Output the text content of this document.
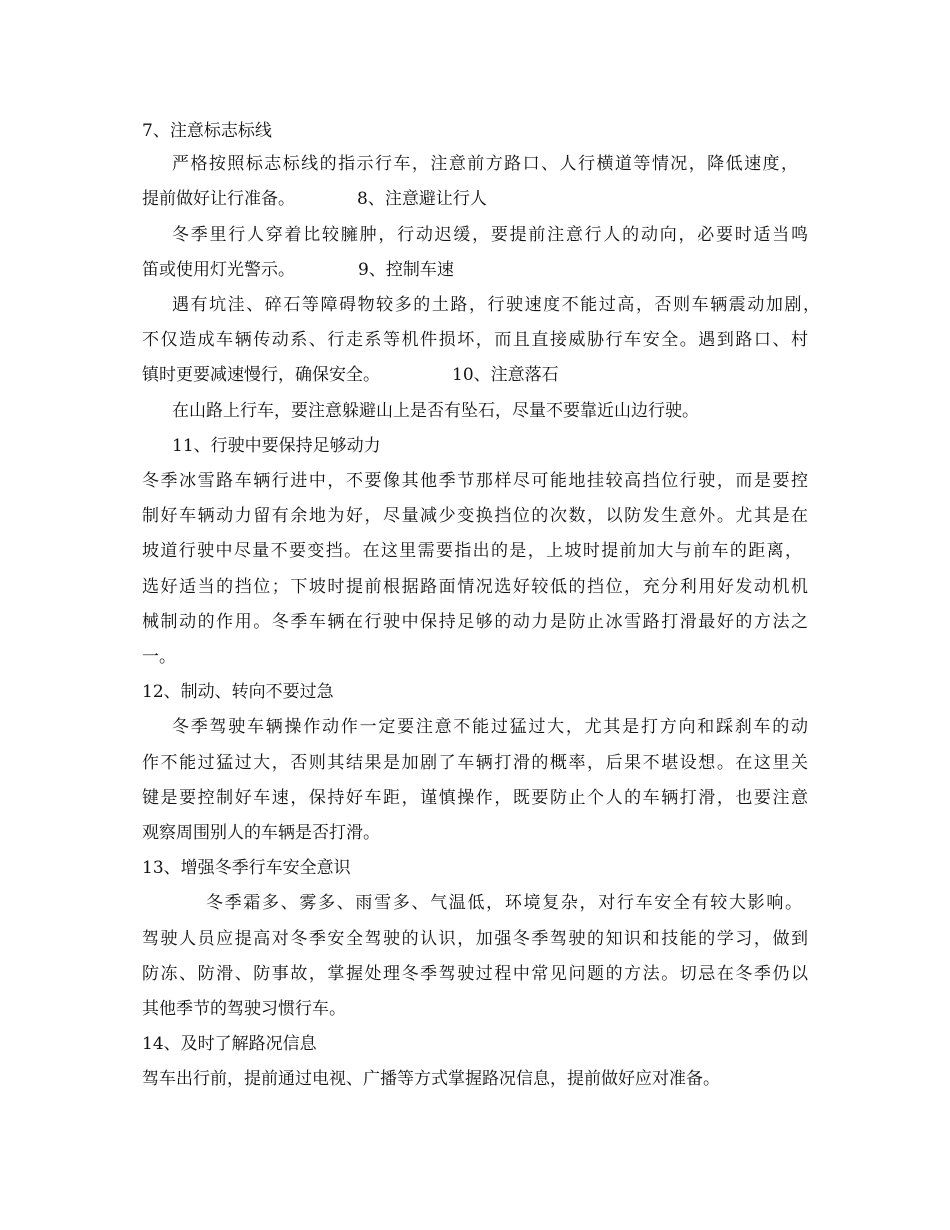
7、注意标志标线
严格按照标志标线的指示行车，注意前方路口、人行横道等情况，降低速度，
提前做好让行准备。	8、注意避让行人
冬季里行人穿着比较臃肿，行动迟缓，要提前注意行人的动向，必要时适当鸣
笛或使用灯光警示。	9、控制车速
遇有坑洼、碎石等障碍物较多的土路，行驶速度不能过高，否则车辆震动加剧，
不仅造成车辆传动系、行走系等机件损坏，而且直接威胁行车安全。遇到路口、村
镇时更要减速慢行，确保安全。	10、注意落石
在山路上行车，要注意躲避山上是否有坠石，尽量不要靠近山边行驶。
11、行驶中要保持足够动力
冬季冰雪路车辆行进中，不要像其他季节那样尽可能地挂较高挡位行驶，而是要控
制好车辆动力留有余地为好，尽量减少变换挡位的次数，以防发生意外。尤其是在
坡道行驶中尽量不要变挡。在这里需要指出的是，上坡时提前加大与前车的距离，
选好适当的挡位；下坡时提前根据路面情况选好较低的挡位，充分利用好发动机机
械制动的作用。冬季车辆在行驶中保持足够的动力是防止冰雪路打滑最好的方法之
一。
12、制动、转向不要过急
冬季驾驶车辆操作动作一定要注意不能过猛过大，尤其是打方向和踩刹车的动
作不能过猛过大，否则其结果是加剧了车辆打滑的概率，后果不堪设想。在这里关
键是要控制好车速，保持好车距，谨慎操作，既要防止个人的车辆打滑，也要注意
观察周围别人的车辆是否打滑。
13、增强冬季行车安全意识
冬季霜多、雾多、雨雪多、气温低，环境复杂，对行车安全有较大影响。
驾驶人员应提高对冬季安全驾驶的认识，加强冬季驾驶的知识和技能的学习，做到
防冻、防滑、防事故，掌握处理冬季驾驶过程中常见问题的方法。切忌在冬季仍以
其他季节的驾驶习惯行车。
14、及时了解路况信息
驾车出行前，提前通过电视、广播等方式掌握路况信息，提前做好应对准备。
